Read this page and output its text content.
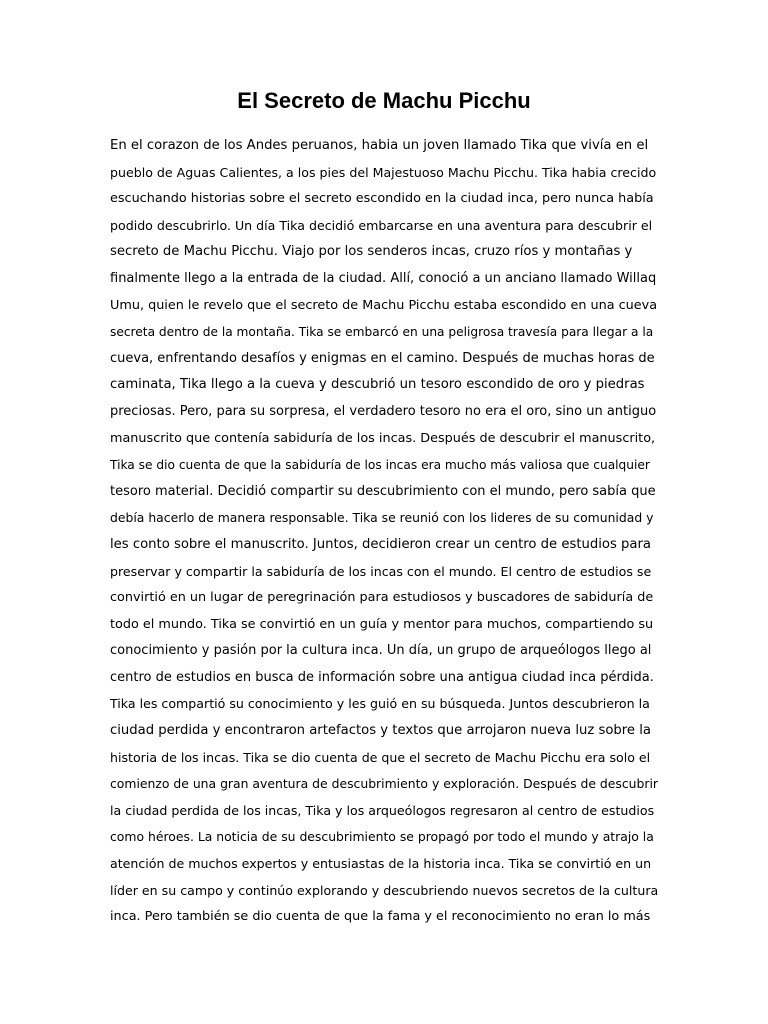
El Secreto de Machu Picchu
En el corazon de los Andes peruanos, habia un joven llamado Tika que vivía en el
pueblo de Aguas Calientes, a los pies del Majestuoso Machu Picchu. Tika habia crecido
escuchando historias sobre el secreto escondido en la ciudad inca, pero nunca había
podido descubrirlo. Un día Tika decidió embarcarse en una aventura para descubrir el
secreto de Machu Picchu. Viajo por los senderos incas, cruzo ríos y montañas y
finalmente llego a la entrada de la ciudad. Allí, conoció a un anciano llamado Willaq
Umu, quien le revelo que el secreto de Machu Picchu estaba escondido en una cueva
secreta dentro de la montaña. Tika se embarcó en una peligrosa travesía para llegar a la
cueva, enfrentando desafíos y enigmas en el camino. Después de muchas horas de
caminata, Tika llego a la cueva y descubrió un tesoro escondido de oro y piedras
preciosas. Pero, para su sorpresa, el verdadero tesoro no era el oro, sino un antiguo
manuscrito que contenía sabiduría de los incas. Después de descubrir el manuscrito,
Tika se dio cuenta de que la sabiduría de los incas era mucho más valiosa que cualquier
tesoro material. Decidió compartir su descubrimiento con el mundo, pero sabía que
debía hacerlo de manera responsable. Tika se reunió con los lideres de su comunidad y
les conto sobre el manuscrito. Juntos, decidieron crear un centro de estudios para
preservar y compartir la sabiduría de los incas con el mundo. El centro de estudios se
convirtió en un lugar de peregrinación para estudiosos y buscadores de sabiduría de
todo el mundo. Tika se convirtió en un guía y mentor para muchos, compartiendo su
conocimiento y pasión por la cultura inca. Un día, un grupo de arqueólogos llego al
centro de estudios en busca de información sobre una antigua ciudad inca pérdida.
Tika les compartió su conocimiento y les guió en su búsqueda. Juntos descubrieron la
ciudad perdida y encontraron artefactos y textos que arrojaron nueva luz sobre la
historia de los incas. Tika se dio cuenta de que el secreto de Machu Picchu era solo el
comienzo de una gran aventura de descubrimiento y exploración. Después de descubrir
la ciudad perdida de los incas, Tika y los arqueólogos regresaron al centro de estudios
como héroes. La noticia de su descubrimiento se propagó por todo el mundo y atrajo la
atención de muchos expertos y entusiastas de la historia inca. Tika se convirtió en un
líder en su campo y continúo explorando y descubriendo nuevos secretos de la cultura
inca. Pero también se dio cuenta de que la fama y el reconocimiento no eran lo más
